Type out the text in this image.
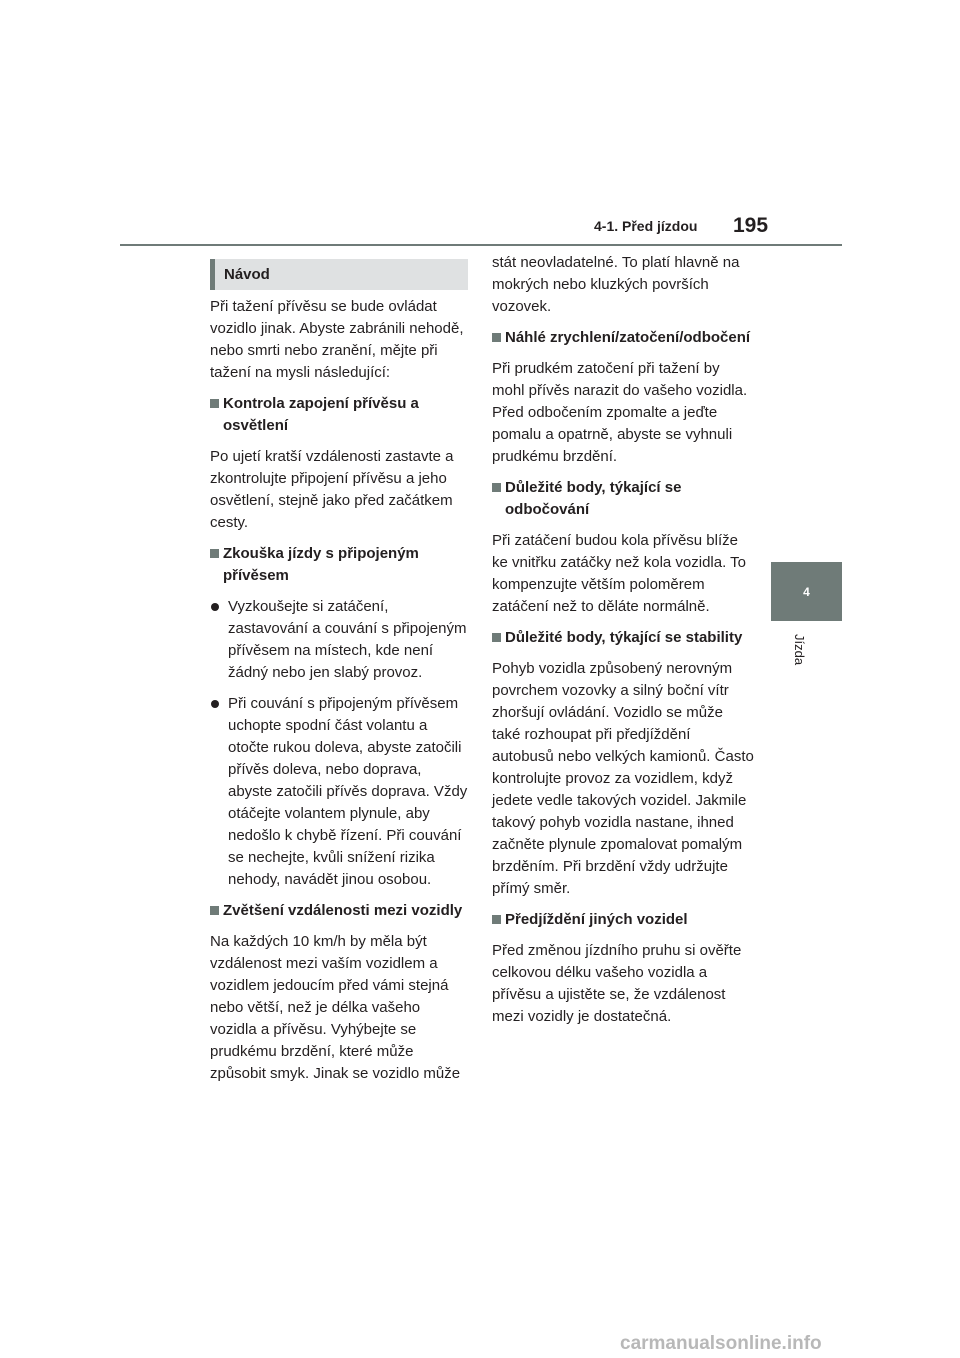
4-1. Před jízdou 195
4
Jízda
Návod

Při tažení přívěsu se bude ovládat vozidlo jinak. Abyste zabránili nehodě, nebo smrti nebo zranění, mějte při tažení na mysli následující:

Kontrola zapojení přívěsu a osvětlení

Po ujetí kratší vzdálenosti zastavte a zkontrolujte připojení přívěsu a jeho osvětlení, stejně jako před začátkem cesty.

Zkouška jízdy s připojeným přívěsem
Vyzkoušejte si zatáčení, zastavování a couvání s připojeným přívěsem na místech, kde není žádný nebo jen slabý provoz.
Při couvání s připojeným přívěsem uchopte spodní část volantu a otočte rukou doleva, abyste zatočili přívěs doleva, nebo doprava, abyste zatočili přívěs doprava. Vždy otáčejte volantem plynule, aby nedošlo k chybě řízení. Při couvání se nechejte, kvůli snížení rizika nehody, navádět jinou osobou.
Zvětšení vzdálenosti mezi vozidly

Na každých 10 km/h by měla být vzdálenost mezi vaším vozidlem a vozidlem jedoucím před vámi stejná nebo větší, než je délka vašeho vozidla a přívěsu. Vyhýbejte se prudkému brzdění, které může způsobit smyk. Jinak se vozidlo může

stát neovladatelné. To platí hlavně na mokrých nebo kluzkých površích vozovek.

Náhlé zrychlení/zatočení/odbočení

Při prudkém zatočení při tažení by mohl přívěs narazit do vašeho vozidla. Před odbočením zpomalte a jeďte pomalu a opatrně, abyste se vyhnuli prudkému brzdění.

Důležité body, týkající se odbočování

Při zatáčení budou kola přívěsu blíže ke vnitřku zatáčky než kola vozidla. To kompenzujte větším poloměrem zatáčení než to děláte normálně.

Důležité body, týkající se stability

Pohyb vozidla způsobený nerovným povrchem vozovky a silný boční vítr zhoršují ovládání. Vozidlo se může také rozhoupat při předjíždění autobusů nebo velkých kamionů. Často kontrolujte provoz za vozidlem, když jedete vedle takových vozidel. Jakmile takový pohyb vozidla nastane, ihned začněte plynule zpomalovat pomalým brzděním. Při brzdění vždy udržujte přímý směr.

Předjíždění jiných vozidel

Před změnou jízdního pruhu si ověřte celkovou délku vašeho vozidla a přívěsu a ujistěte se, že vzdálenost mezi vozidly je dostatečná.

carmanualsonline.info
